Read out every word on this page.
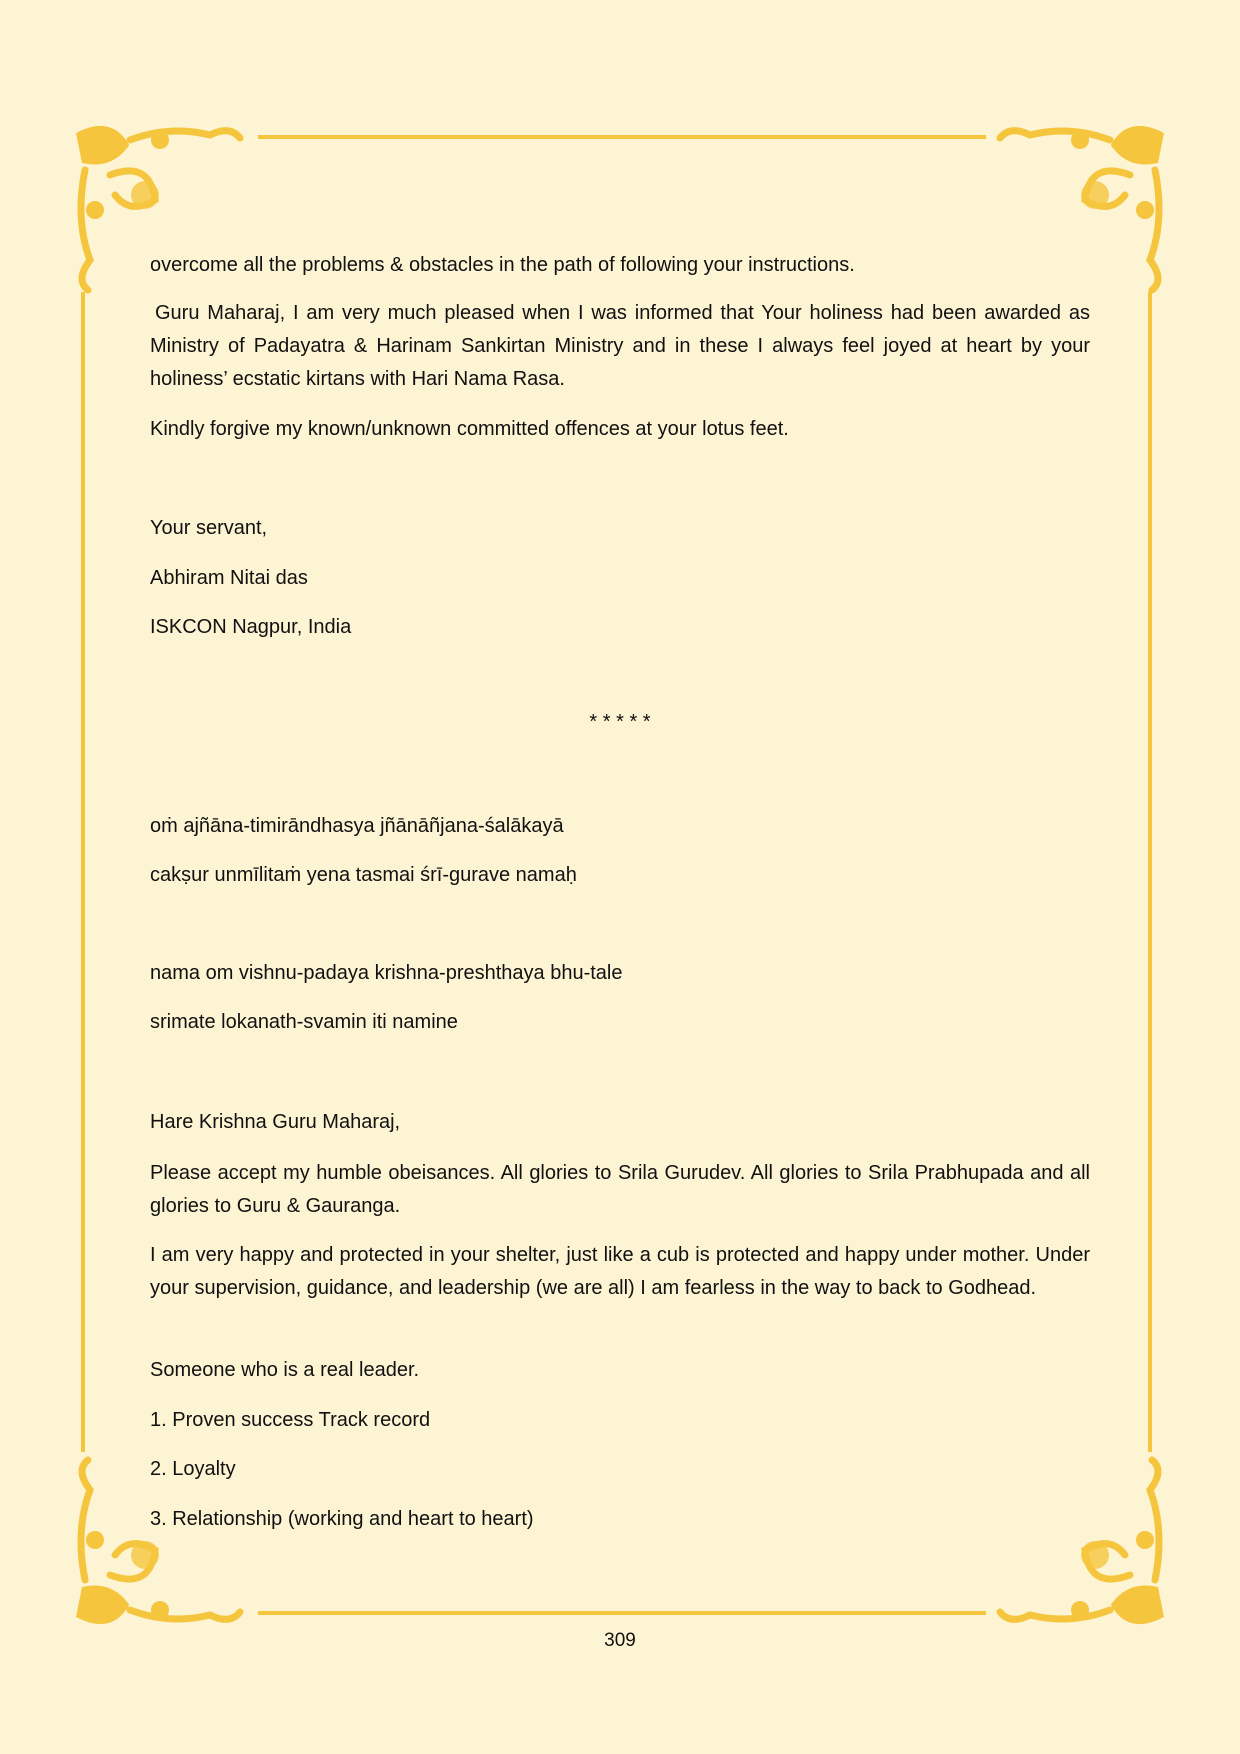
overcome all the problems & obstacles in the path of following your instructions.
Guru Maharaj, I am very much pleased when I was informed that Your holiness had been awarded as Ministry of Padayatra & Harinam Sankirtan Ministry and in these I always feel joyed at heart by your holiness’ ecstatic kirtans with Hari Nama Rasa.
Kindly forgive my known/unknown committed offences at your lotus feet.
Your servant,
Abhiram Nitai das
ISKCON Nagpur, India
* * * * *
oṁ ajñāna-timirāndhasya jñānāñjana-śalākayā
cakṣur unmīlitaṁ yena tasmai śrī-gurave namaḥ
nama om vishnu-padaya krishna-preshthaya bhu-tale
srimate lokanath-svamin iti namine
Hare Krishna Guru Maharaj,
Please accept my humble obeisances. All glories to Srila Gurudev. All glories to Srila Prabhupada and all glories to Guru & Gauranga.
I am very happy and protected in your shelter, just like a cub is protected and happy under mother. Under your supervision, guidance, and leadership (we are all) I am fearless in the way to back to Godhead.
Someone who is a real leader.
1. Proven success Track record
2. Loyalty
3. Relationship (working and heart to heart)
309
